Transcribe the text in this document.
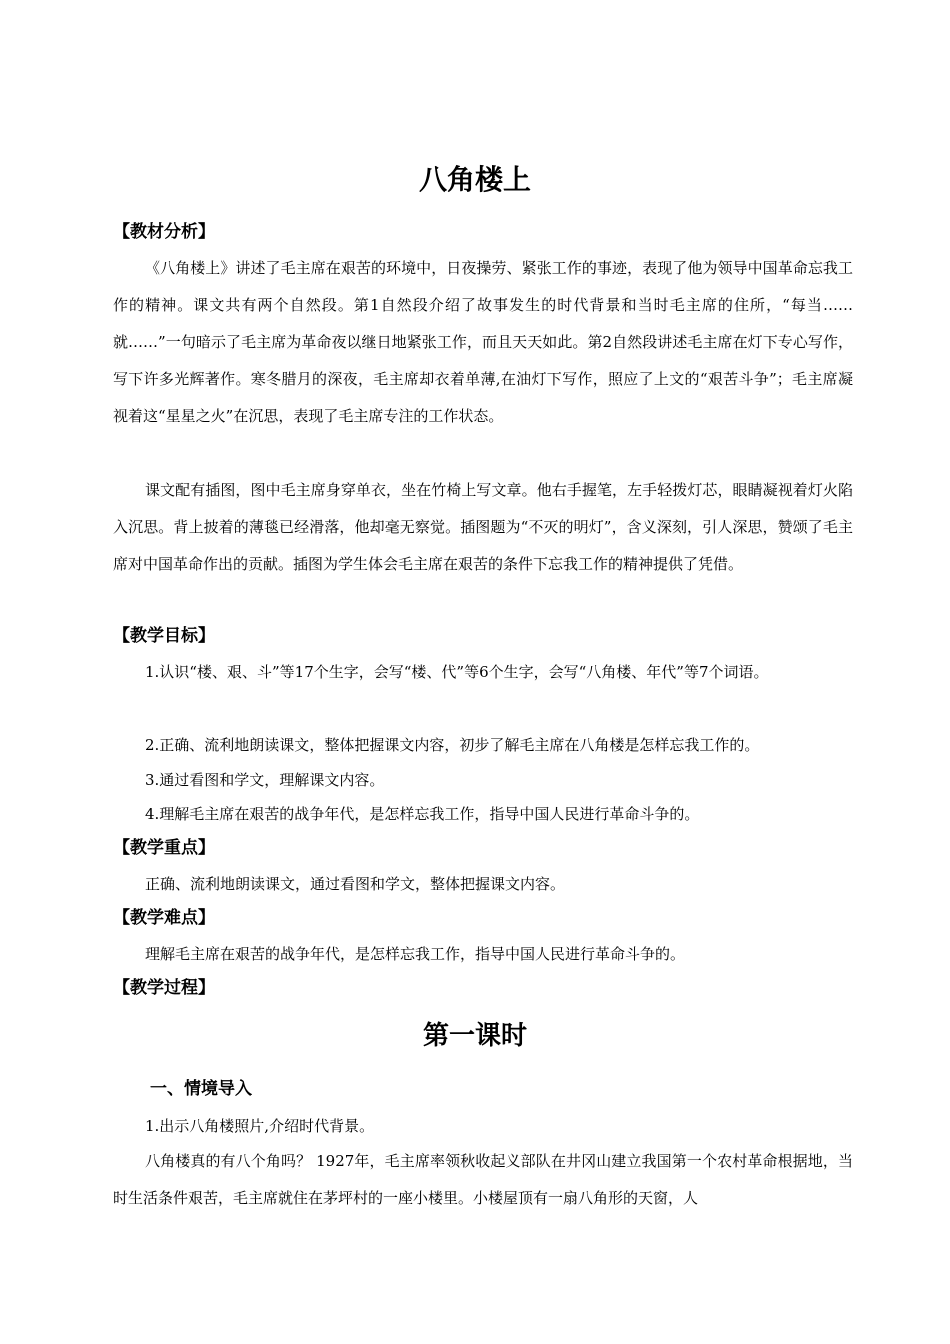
八角楼上
【教材分析】

《八角楼上》讲述了毛主席在艰苦的环境中，日夜操劳、紧张工作的事迹，表现了他为领导中国革命忘我工作的精神。课文共有两个自然段。第1自然段介绍了故事发生的时代背景和当时毛主席的住所，“每当……就……”一句暗示了毛主席为革命夜以继日地紧张工作，而且天天如此。第2自然段讲述毛主席在灯下专心写作，写下许多光辉著作。寒冬腊月的深夜，毛主席却衣着单薄,在油灯下写作，照应了上文的“艰苦斗争”；毛主席凝视着这“星星之火”在沉思，表现了毛主席专注的工作状态。

课文配有插图，图中毛主席身穿单衣，坐在竹椅上写文章。他右手握笔，左手轻拨灯芯，眼睛凝视着灯火陷入沉思。背上披着的薄毯已经滑落，他却毫无察觉。插图题为“不灭的明灯”，含义深刻，引人深思，赞颂了毛主席对中国革命作出的贡献。插图为学生体会毛主席在艰苦的条件下忘我工作的精神提供了凭借。

【教学目标】

1.认识“楼、艰、斗”等17个生字，会写“楼、代”等6个生字，会写“八角楼、年代”等7个词语。

2.正确、流利地朗读课文，整体把握课文内容，初步了解毛主席在八角楼是怎样忘我工作的。
3.通过看图和学文，理解课文内容。
4.理解毛主席在艰苦的战争年代，是怎样忘我工作，指导中国人民进行革命斗争的。
【教学重点】
正确、流利地朗读课文，通过看图和学文，整体把握课文内容。
【教学难点】
理解毛主席在艰苦的战争年代，是怎样忘我工作，指导中国人民进行革命斗争的。
【教学过程】
第一课时
一、情境导入
1.出示八角楼照片,介绍时代背景。

八角楼真的有八个角吗？ 1927年，毛主席率领秋收起义部队在井冈山建立我国第一个农村革命根据地，当时生活条件艰苦，毛主席就住在茅坪村的一座小楼里。小楼屋顶有一扇八角形的天窗，人
